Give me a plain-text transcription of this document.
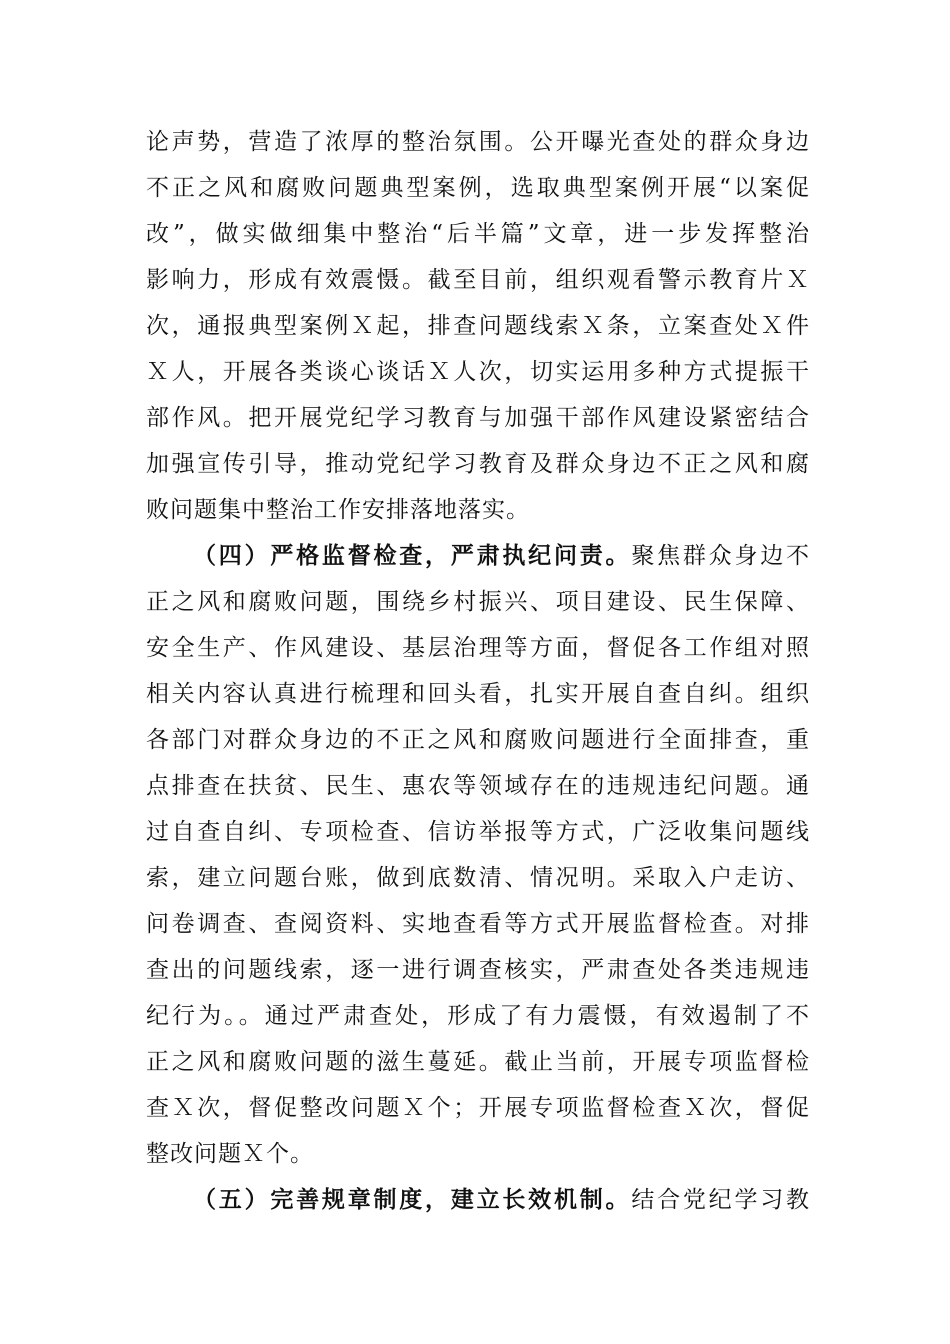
论声势，营造了浓厚的整治氛围。公开曝光查处的群众身边
不正之风和腐败问题典型案例，选取典型案例开展“以案促
改”，做实做细集中整治“后半篇”文章，进一步发挥整治
影响力，形成有效震慑。截至目前，组织观看警示教育片Ｘ
次，通报典型案例Ｘ起，排查问题线索Ｘ条，立案查处Ｘ件
Ｘ人，开展各类谈心谈话Ｘ人次，切实运用多种方式提振干
部作风。把开展党纪学习教育与加强干部作风建设紧密结合
加强宣传引导，推动党纪学习教育及群众身边不正之风和腐
败问题集中整治工作安排落地落实。
（四）严格监督检查，严肃执纪问责。聚焦群众身边不
正之风和腐败问题，围绕乡村振兴、项目建设、民生保障、
安全生产、作风建设、基层治理等方面，督促各工作组对照
相关内容认真进行梳理和回头看，扎实开展自查自纠。组织
各部门对群众身边的不正之风和腐败问题进行全面排查，重
点排查在扶贫、民生、惠农等领域存在的违规违纪问题。通
过自查自纠、专项检查、信访举报等方式，广泛收集问题线
索，建立问题台账，做到底数清、情况明。采取入户走访、
问卷调查、查阅资料、实地查看等方式开展监督检查。对排
查出的问题线索，逐一进行调查核实，严肃查处各类违规违
纪行为。。通过严肃查处，形成了有力震慑，有效遏制了不
正之风和腐败问题的滋生蔓延。截止当前，开展专项监督检
查Ｘ次，督促整改问题Ｘ个；开展专项监督检查Ｘ次，督促
整改问题Ｘ个。
（五）完善规章制度，建立长效机制。结合党纪学习教
